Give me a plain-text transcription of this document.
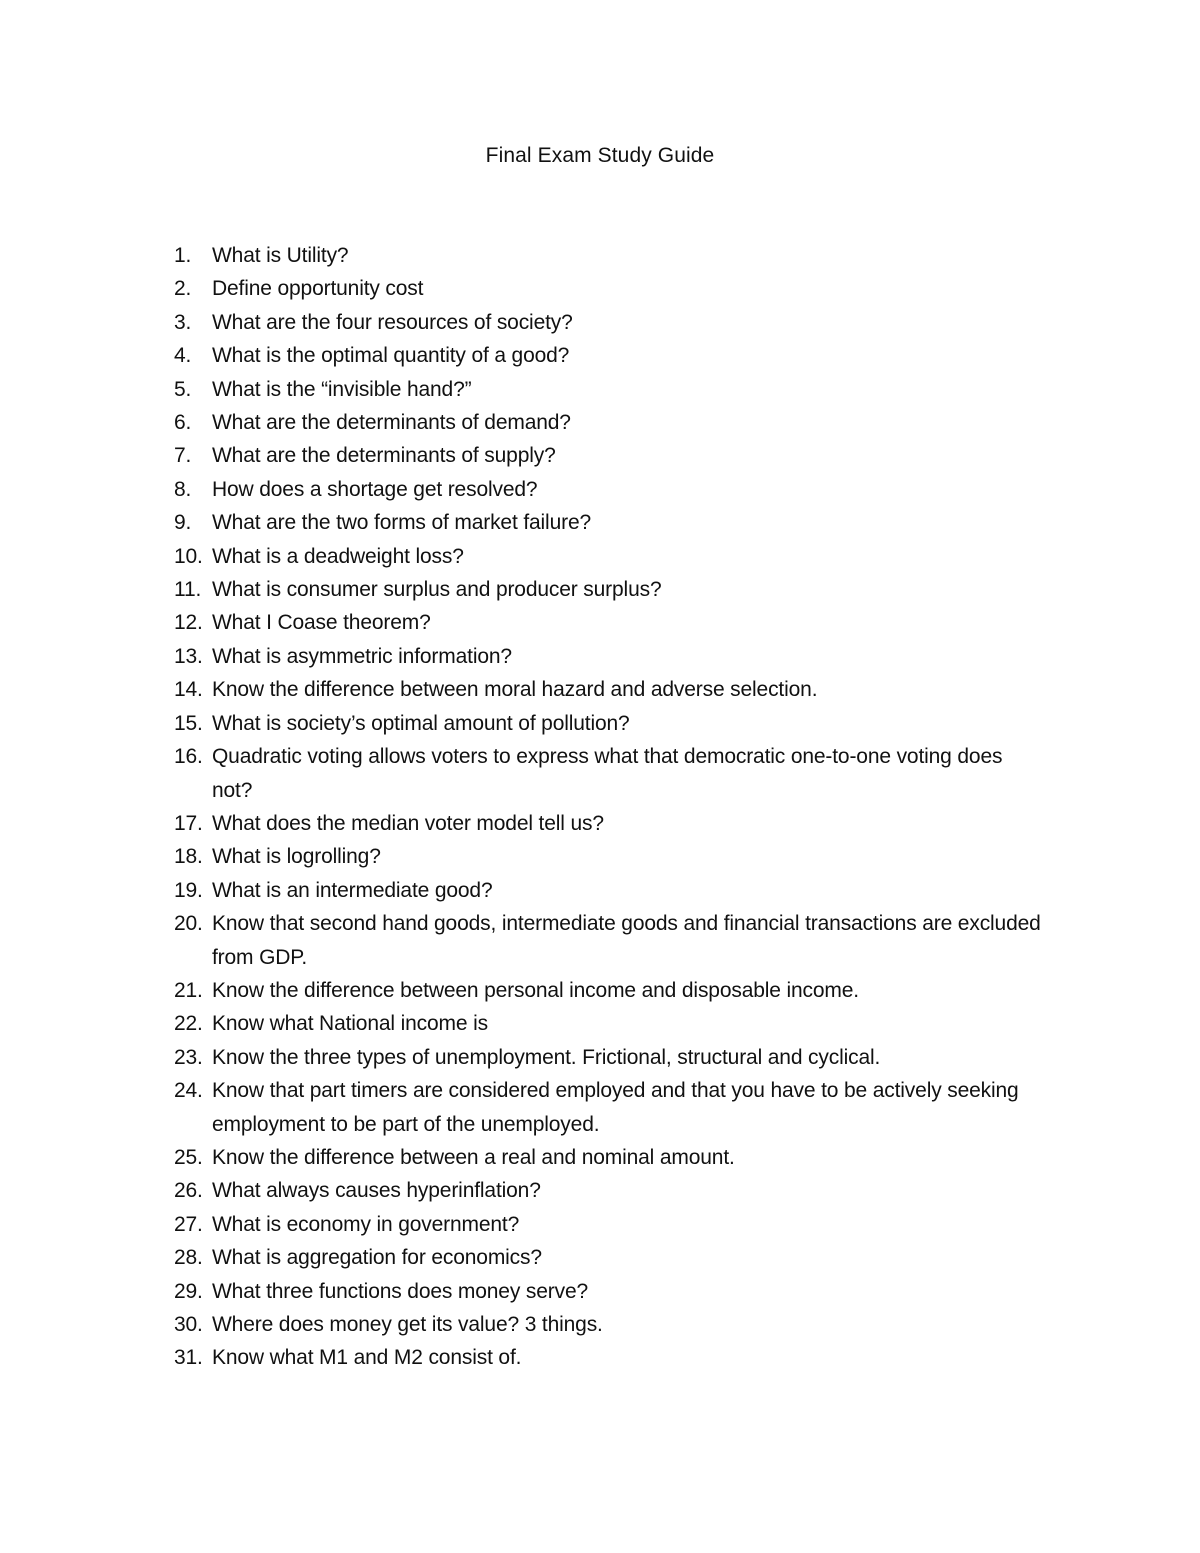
Final Exam Study Guide
1. What is Utility?
2. Define opportunity cost
3. What are the four resources of society?
4. What is the optimal quantity of a good?
5. What is the “invisible hand?”
6. What are the determinants of demand?
7. What are the determinants of supply?
8. How does a shortage get resolved?
9. What are the two forms of market failure?
10. What is a deadweight loss?
11. What is consumer surplus and producer surplus?
12. What I Coase theorem?
13. What is asymmetric information?
14. Know the difference between moral hazard and adverse selection.
15. What is society’s optimal amount of pollution?
16. Quadratic voting allows voters to express what that democratic one-to-one voting does not?
17. What does the median voter model tell us?
18. What is logrolling?
19. What is an intermediate good?
20. Know that second hand goods, intermediate goods and financial transactions are excluded from GDP.
21. Know the difference between personal income and disposable income.
22. Know what National income is
23. Know the three types of unemployment. Frictional, structural and cyclical.
24. Know that part timers are considered employed and that you have to be actively seeking employment to be part of the unemployed.
25. Know the difference between a real and nominal amount.
26. What always causes hyperinflation?
27. What is economy in government?
28. What is aggregation for economics?
29. What three functions does money serve?
30. Where does money get its value? 3 things.
31. Know what M1 and M2 consist of.
